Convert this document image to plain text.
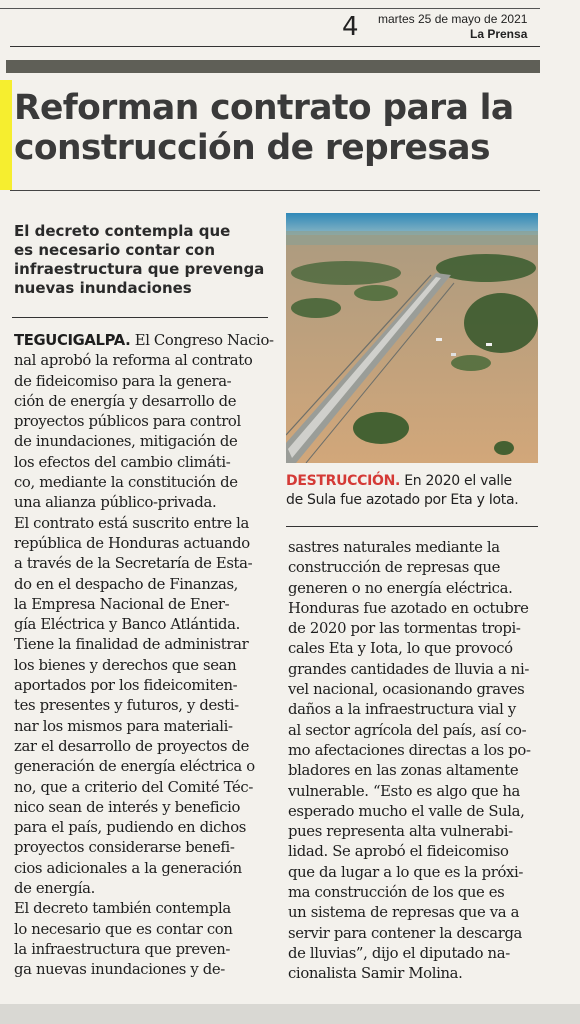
4 martes 25 de mayo de 2021
La Prensa
Reforman contrato para la
construcción de represas
El decreto contempla que
es necesario contar con
infraestructura que prevenga
nuevas inundaciones
DESTRUCCIÓN. En 2020 el valle
de Sula fue azotado por Eta y Iota.
TEGUCIGALPA. El Congreso Nacio-
nal aprobó la reforma al contrato
de fideicomiso para la genera-
ción de energía y desarrollo de
proyectos públicos para control
de inundaciones, mitigación de
los efectos del cambio climáti-
co, mediante la constitución de
una alianza público-privada.
El contrato está suscrito entre la
república de Honduras actuando
a través de la Secretaría de Esta-
do en el despacho de Finanzas,
la Empresa Nacional de Ener-
gía Eléctrica y Banco Atlántida.
Tiene la finalidad de administrar
los bienes y derechos que sean
aportados por los fideicomiten-
tes presentes y futuros, y desti-
nar los mismos para materiali-
zar el desarrollo de proyectos de
generación de energía eléctrica o
no, que a criterio del Comité Téc-
nico sean de interés y beneficio
para el país, pudiendo en dichos
proyectos considerarse benefi-
cios adicionales a la generación
de energía.
El decreto también contempla
lo necesario que es contar con
la infraestructura que preven-
ga nuevas inundaciones y de-
sastres naturales mediante la
construcción de represas que
generen o no energía eléctrica.
Honduras fue azotado en octubre
de 2020 por las tormentas tropi-
cales Eta y Iota, lo que provocó
grandes cantidades de lluvia a ni-
vel nacional, ocasionando graves
daños a la infraestructura vial y
al sector agrícola del país, así co-
mo afectaciones directas a los po-
bladores en las zonas altamente
vulnerable. “Esto es algo que ha
esperado mucho el valle de Sula,
pues representa alta vulnerabi-
lidad. Se aprobó el fideicomiso
que da lugar a lo que es la próxi-
ma construcción de los que es
un sistema de represas que va a
servir para contener la descarga
de lluvias”, dijo el diputado na-
cionalista Samir Molina.
